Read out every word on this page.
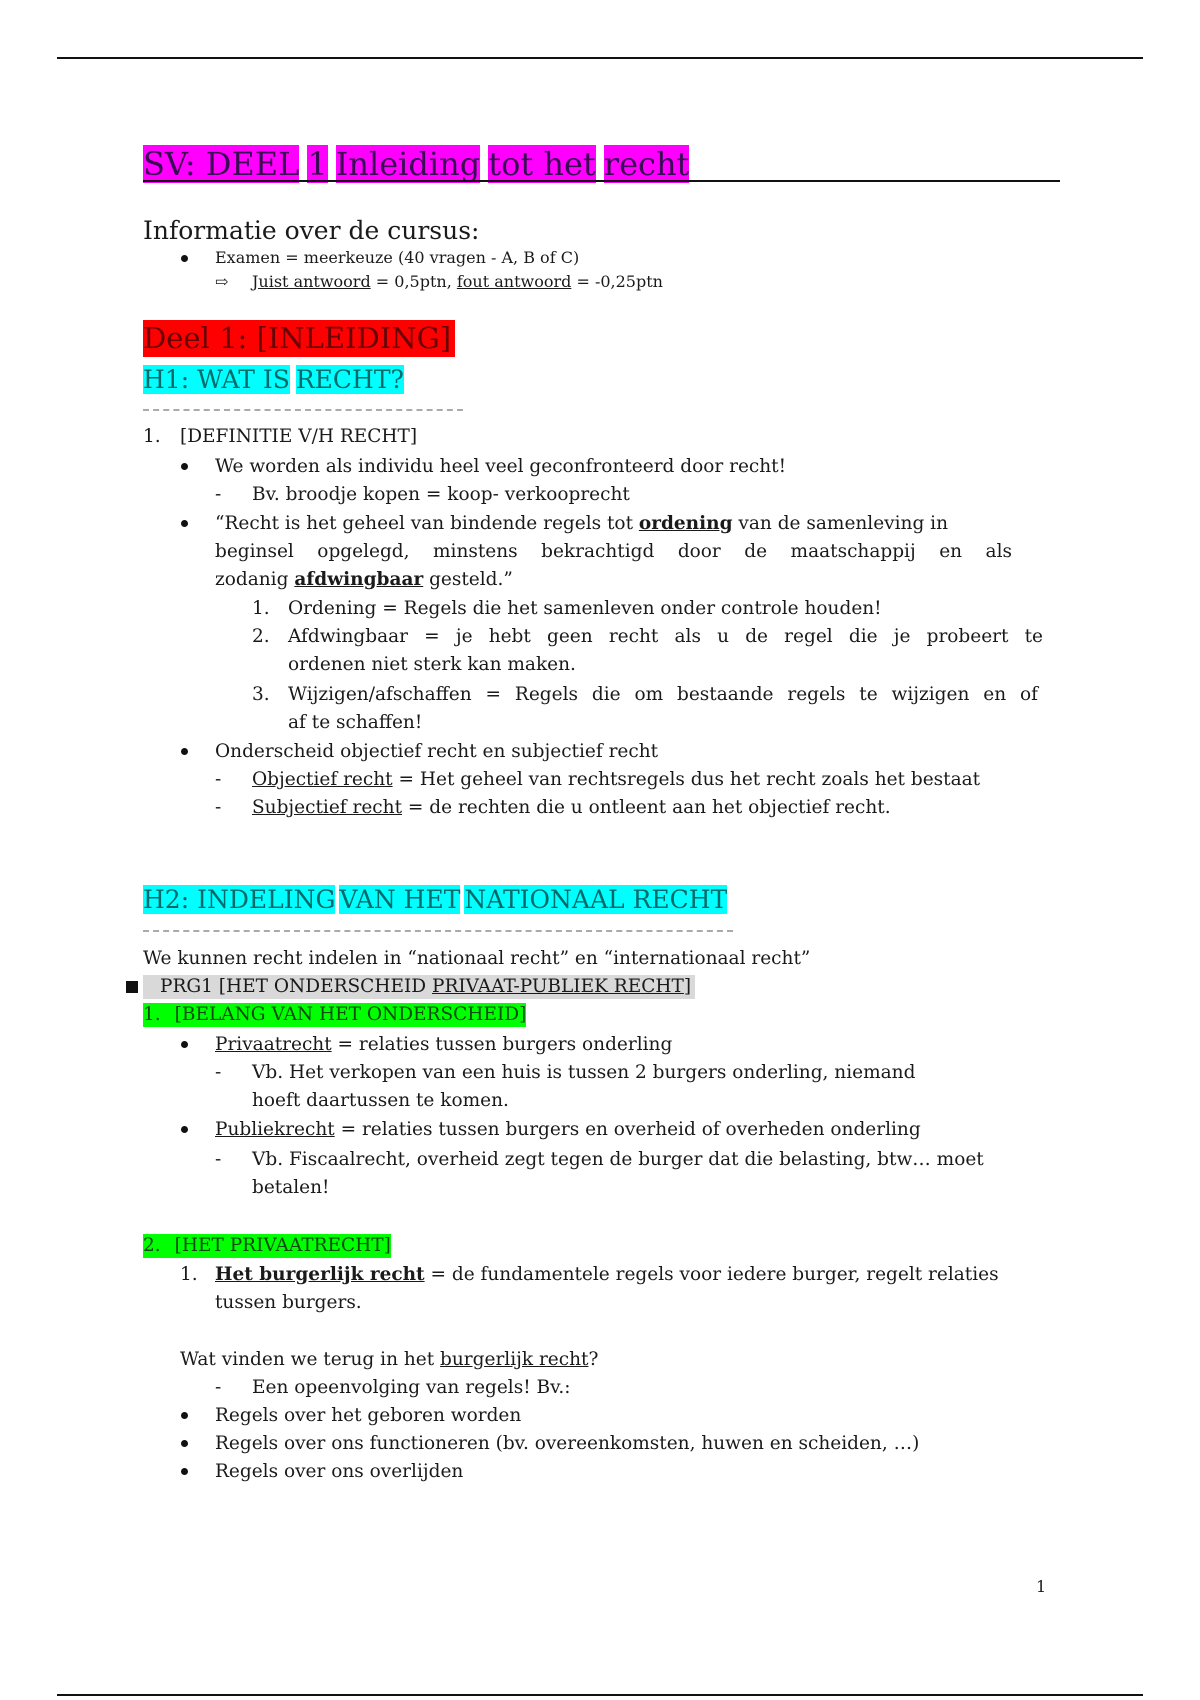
SV: DEEL 1 Inleiding tot het recht
Informatie over de cursus:
Examen = meerkeuze (40 vragen - A, B of C)
⇨ Juist antwoord = 0,5ptn, fout antwoord = -0,25ptn
Deel 1: [INLEIDING]
H1: WAT IS RECHT?
1. [DEFINITIE V/H RECHT]
We worden als individu heel veel geconfronteerd door recht!
- Bv. broodje kopen = koop- verkooprecht
“Recht is het geheel van bindende regels tot ordening van de samenleving in
beginsel opgelegd, minstens bekrachtigd door de maatschappij en als
zodanig afdwingbaar gesteld.”
1. Ordening = Regels die het samenleven onder controle houden!
2. Afdwingbaar = je hebt geen recht als u de regel die je probeert te
ordenen niet sterk kan maken.
3. Wijzigen/afschaffen = Regels die om bestaande regels te wijzigen en of
af te schaffen!
Onderscheid objectief recht en subjectief recht
- Objectief recht = Het geheel van rechtsregels dus het recht zoals het bestaat
- Subjectief recht = de rechten die u ontleent aan het objectief recht.
H2: INDELING VAN HET NATIONAAL RECHT
We kunnen recht indelen in “nationaal recht” en “internationaal recht”
PRG1 [HET ONDERSCHEID PRIVAAT-PUBLIEK RECHT]
1. [BELANG VAN HET ONDERSCHEID]
Privaatrecht = relaties tussen burgers onderling
- Vb. Het verkopen van een huis is tussen 2 burgers onderling, niemand
hoeft daartussen te komen.
Publiekrecht = relaties tussen burgers en overheid of overheden onderling
- Vb. Fiscaalrecht, overheid zegt tegen de burger dat die belasting, btw… moet
betalen!
2. [HET PRIVAATRECHT]
1. Het burgerlijk recht = de fundamentele regels voor iedere burger, regelt relaties
tussen burgers.
Wat vinden we terug in het burgerlijk recht?
- Een opeenvolging van regels! Bv.:
Regels over het geboren worden
Regels over ons functioneren (bv. overeenkomsten, huwen en scheiden, …)
Regels over ons overlijden
1
